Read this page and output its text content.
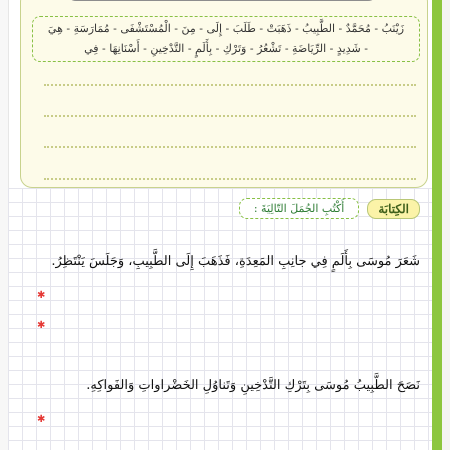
زَيْنَبُ - مُحَمَّدٌ - الطَّبِيبُ - ذَهَبَتْ - طَلَبَ - إِلَى - مِنَ - الْمُسْتَشْفَى - مُمَارَسَةِ - هِيَ
- شَدِيدٍ - الرِّيَاضَةِ - تَشْعُرُ - وَتَرْكِ - بِأَلَمٍ - التَّدْخِينِ - أَسْنَانِهَا - فِي
الكِتابَة
أَكْتُبِ الجُمَلَ التّالِيَةَ :
شَعَرَ مُوسَى بِأَلَمٍ فِي جانِبِ المَعِدَةِ، فَذَهَبَ إِلَى الطَّبِيبِ، وَجَلَسَ يَنْتَظِرُ.
نَصَحَ الطَّبِيبُ مُوسَى بِتَرْكِ التَّدْخِينِ وَتَناوُلِ الخَضْراواتِ وَالفَواكِهِ.
✱
✱
✱
